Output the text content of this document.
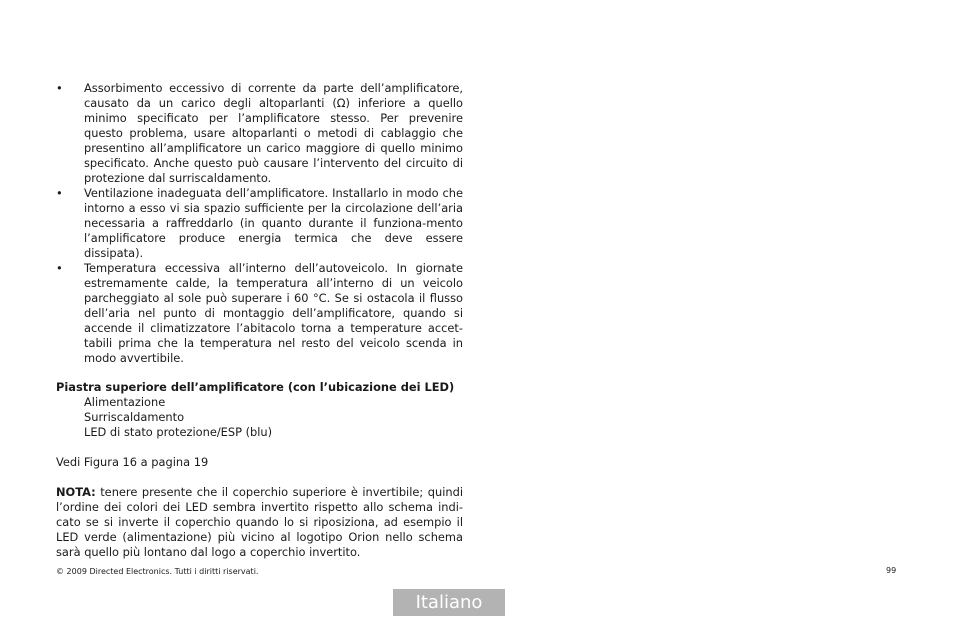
• Assorbimento eccessivo di corrente da parte dell’amplificatore, causato da un carico degli altoparlanti (Ω) inferiore a quello minimo specificato per l’amplificatore stesso. Per prevenire questo problema, usare altoparlanti o metodi di cablaggio che presentino all’amplificatore un carico maggiore di quello minimo specificato. Anche questo può causare l’intervento del circuito di protezione dal surriscaldamento.
• Ventilazione inadeguata dell’amplificatore. Installarlo in modo che intorno a esso vi sia spazio sufficiente per la circolazione dell’aria necessaria a raffreddarlo (in quanto durante il funziona-mento l’amplificatore produce energia termica che deve essere dissipata).
• Temperatura eccessiva all’interno dell’autoveicolo. In giornate estremamente calde, la temperatura all’interno di un veicolo parcheggiato al sole può superare i 60 °C. Se si ostacola il flusso dell’aria nel punto di montaggio dell’amplificatore, quando si accende il climatizzatore l’abitacolo torna a temperature accet-tabili prima che la temperatura nel resto del veicolo scenda in modo avvertibile.
Piastra superiore dell’amplificatore (con l’ubicazione dei LED)
Alimentazione
Surriscaldamento
LED di stato protezione/ESP (blu)
Vedi Figura 16 a pagina 19
NOTA: tenere presente che il coperchio superiore è invertibile; quindi l’ordine dei colori dei LED sembra invertito rispetto allo schema indi-cato se si inverte il coperchio quando lo si riposiziona, ad esempio il LED verde (alimentazione) più vicino al logotipo Orion nello schema sarà quello più lontano dal logo a coperchio invertito.
© 2009 Directed Electronics. Tutti i diritti riservati.	99
Italiano
